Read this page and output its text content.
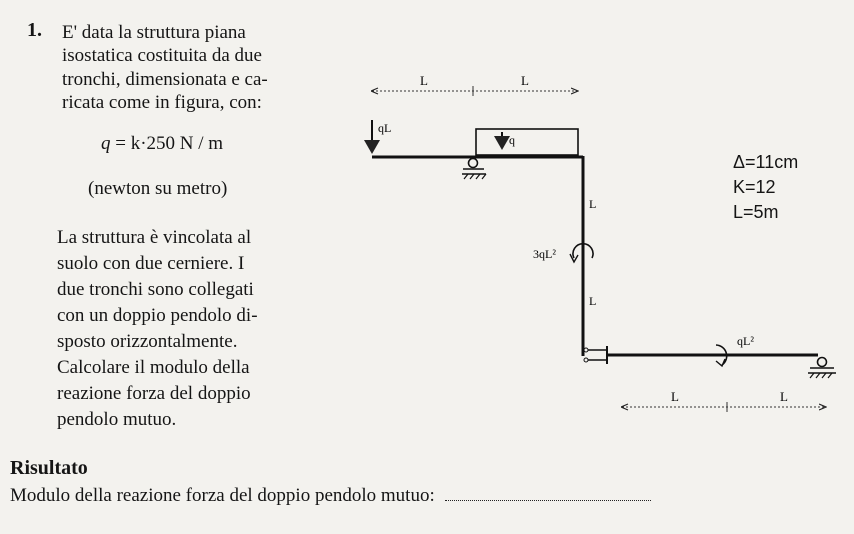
1. E' data la struttura piana
isostatica costituita da due
tronchi, dimensionata e ca-
ricata come in figura, con:
q = k·250 N / m
(newton su metro)
La struttura è vincolata al
suolo con due cerniere. I
due tronchi sono collegati
con un doppio pendolo di-
sposto orizzontalmente.
Calcolare il modulo della
reazione forza del doppio
pendolo mutuo.
Risultato
Modulo della reazione forza del doppio pendolo mutuo:
L	L
qL
q
L
L
3qL²
qL²
L	L
Δ=11cm
K=12
L=5m
